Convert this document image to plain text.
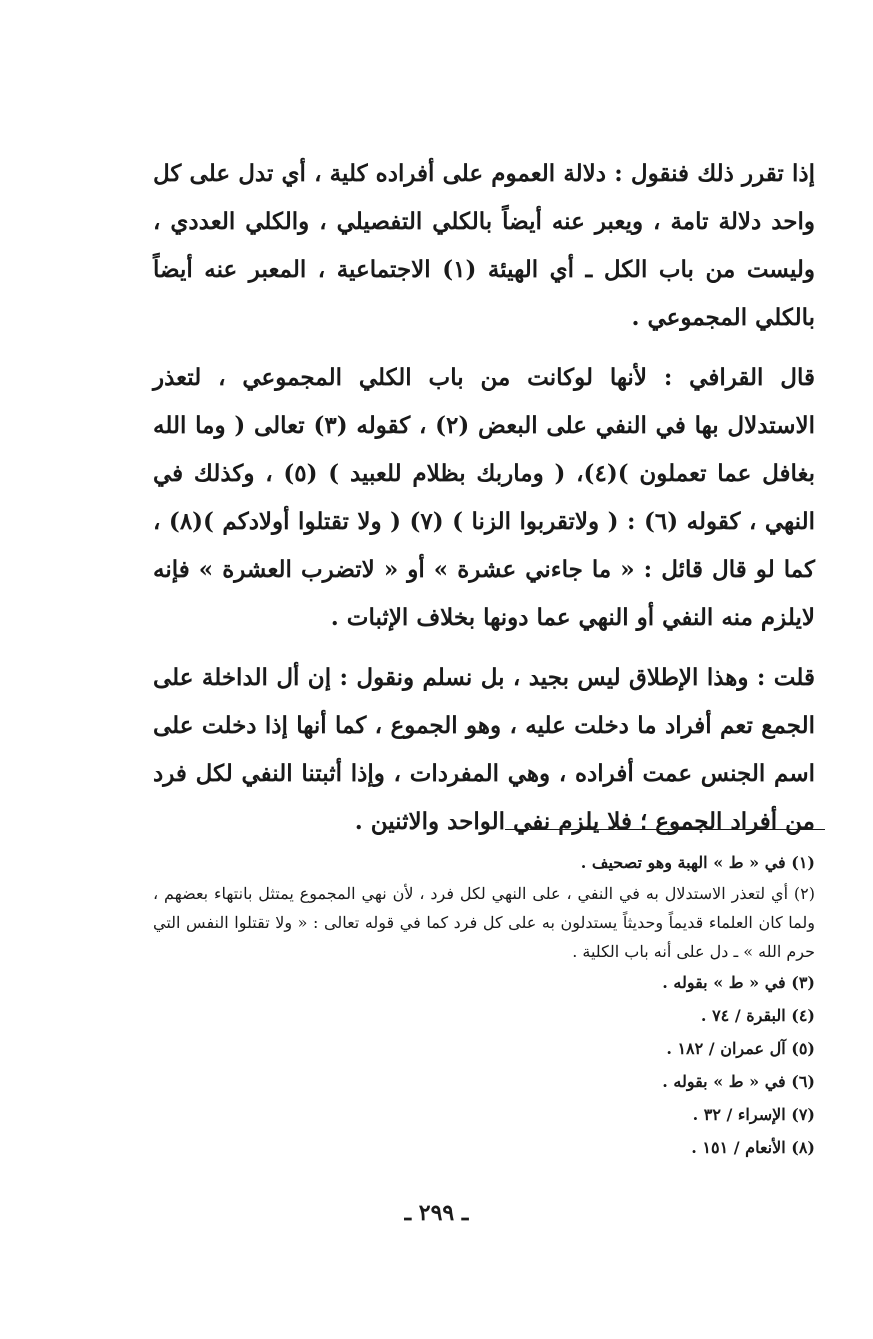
إذا تقرر ذلك فنقول : دلالة العموم على أفراده كلية ، أي تدل على كل واحد دلالة تامة ، ويعبر عنه أيضاً بالكلي التفصيلي ، والكلي العددي ، وليست من باب الكل ـ أي الهيئة (١) الاجتماعية ، المعبر عنه أيضاً بالكلي المجموعي .

قال القرافي : لأنها لوكانت من باب الكلي المجموعي ، لتعذر الاستدلال بها في النفي على البعض (٢) ، كقوله (٣) تعالى ( وما الله بغافل عما تعملون )(٤)، ( وماربك بظلام للعبيد ) (٥) ، وكذلك في النهي ، كقوله (٦) : ( ولاتقربوا الزنا ) (٧) ( ولا تقتلوا أولادكم )(٨) ، كما لو قال قائل : « ما جاءني عشرة » أو « لاتضرب العشرة » فإنه لايلزم منه النفي أو النهي عما دونها بخلاف الإثبات .

قلت : وهذا الإطلاق ليس بجيد ، بل نسلم ونقول : إن أل الداخلة على الجمع تعم أفراد ما دخلت عليه ، وهو الجموع ، كما أنها إذا دخلت على اسم الجنس عمت أفراده ، وهي المفردات ، وإذا أثبتنا النفي لكل فرد من أفراد الجموع ؛ فلا يلزم نفي الواحد والاثنين .

(١) في « ط » الهبة وهو تصحيف .

(٢) أي لتعذر الاستدلال به في النفي ، على النهي لكل فرد ، لأن نهي المجموع يمتثل بانتهاء بعضهم ، ولما كان العلماء قديماً وحديثاً يستدلون به على كل فرد كما في قوله تعالى : « ولا تقتلوا النفس التي حرم الله » ـ دل على أنه باب الكلية .

(٣) في « ط » بقوله .

(٤) البقرة / ٧٤ .

(٥) آل عمران / ١٨٢ .

(٦) في « ط » بقوله .

(٧) الإسراء / ٣٢ .

(٨) الأنعام / ١٥١ .

ـ ٢٩٩ ـ
